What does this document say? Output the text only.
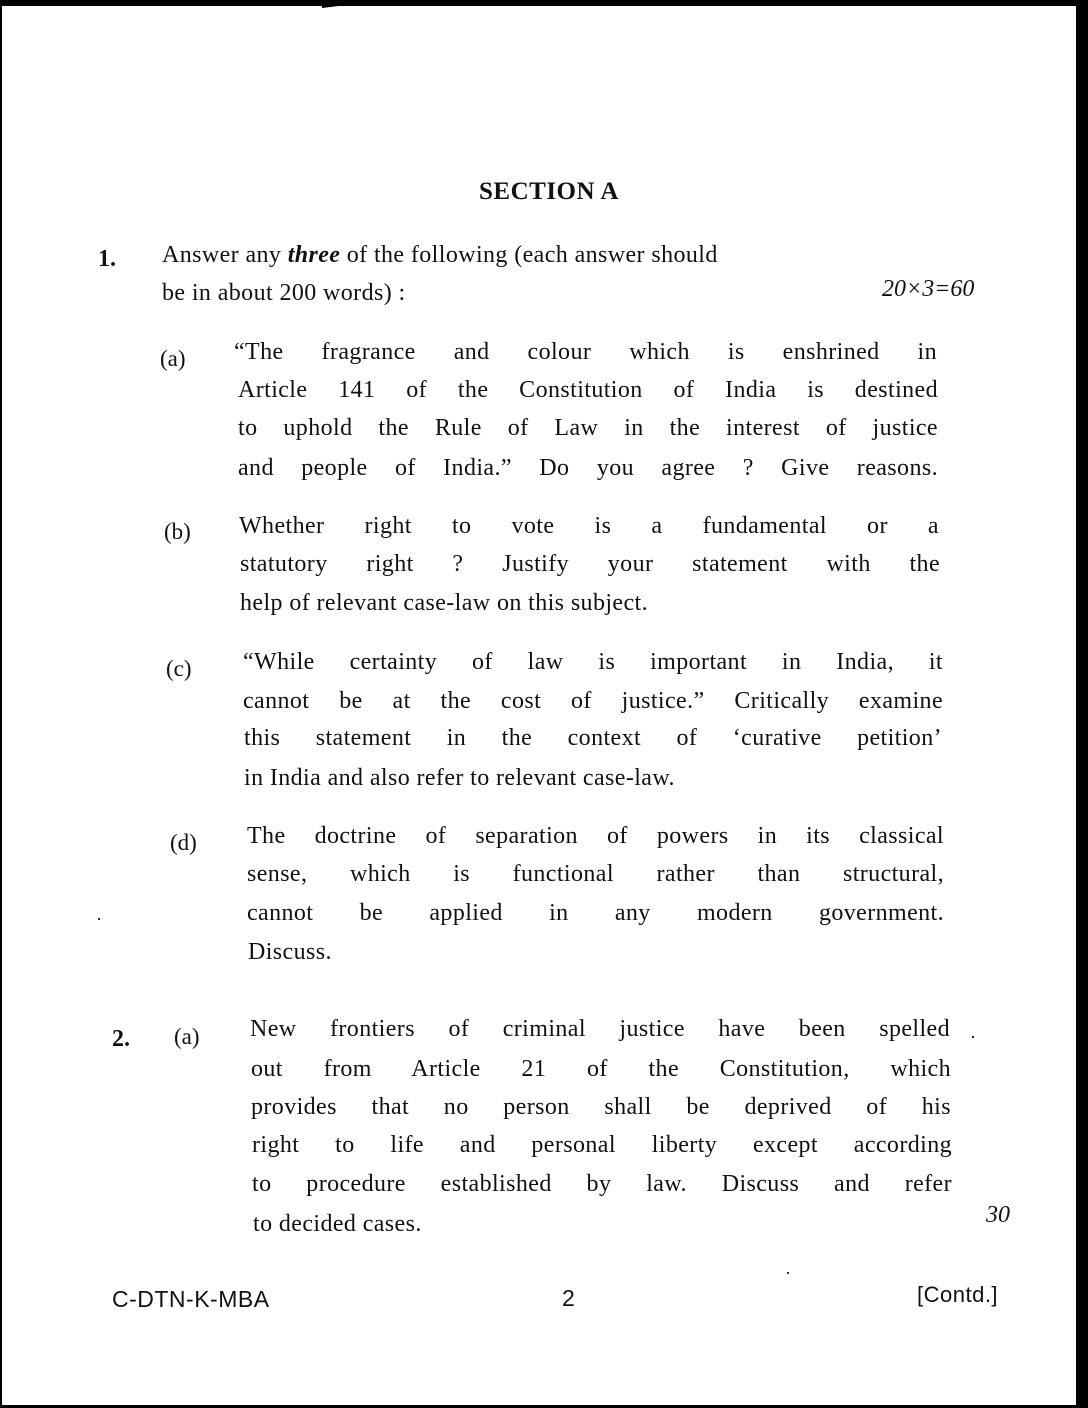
SECTION A
1. Answer any three of the following (each answer should
be in about 200 words) :	20×3=60
(a) “The fragrance and colour which is enshrined in
Article 141 of the Constitution of India is destined
to uphold the Rule of Law in the interest of justice
and people of India.” Do you agree ? Give reasons.
(b) Whether right to vote is a fundamental or a
statutory right ? Justify your statement with the
help of relevant case-law on this subject.
(c) “While certainty of law is important in India, it
cannot be at the cost of justice.” Critically examine
this statement in the context of ‘curative petition’
in India and also refer to relevant case-law.
(d) The doctrine of separation of powers in its classical
sense, which is functional rather than structural,
cannot be applied in any modern government.
Discuss.
2. (a) New frontiers of criminal justice have been spelled
out from Article 21 of the Constitution, which
provides that no person shall be deprived of his
right to life and personal liberty except according
to procedure established by law. Discuss and refer
to decided cases.	30
C-DTN-K-MBA	2	[Contd.]
